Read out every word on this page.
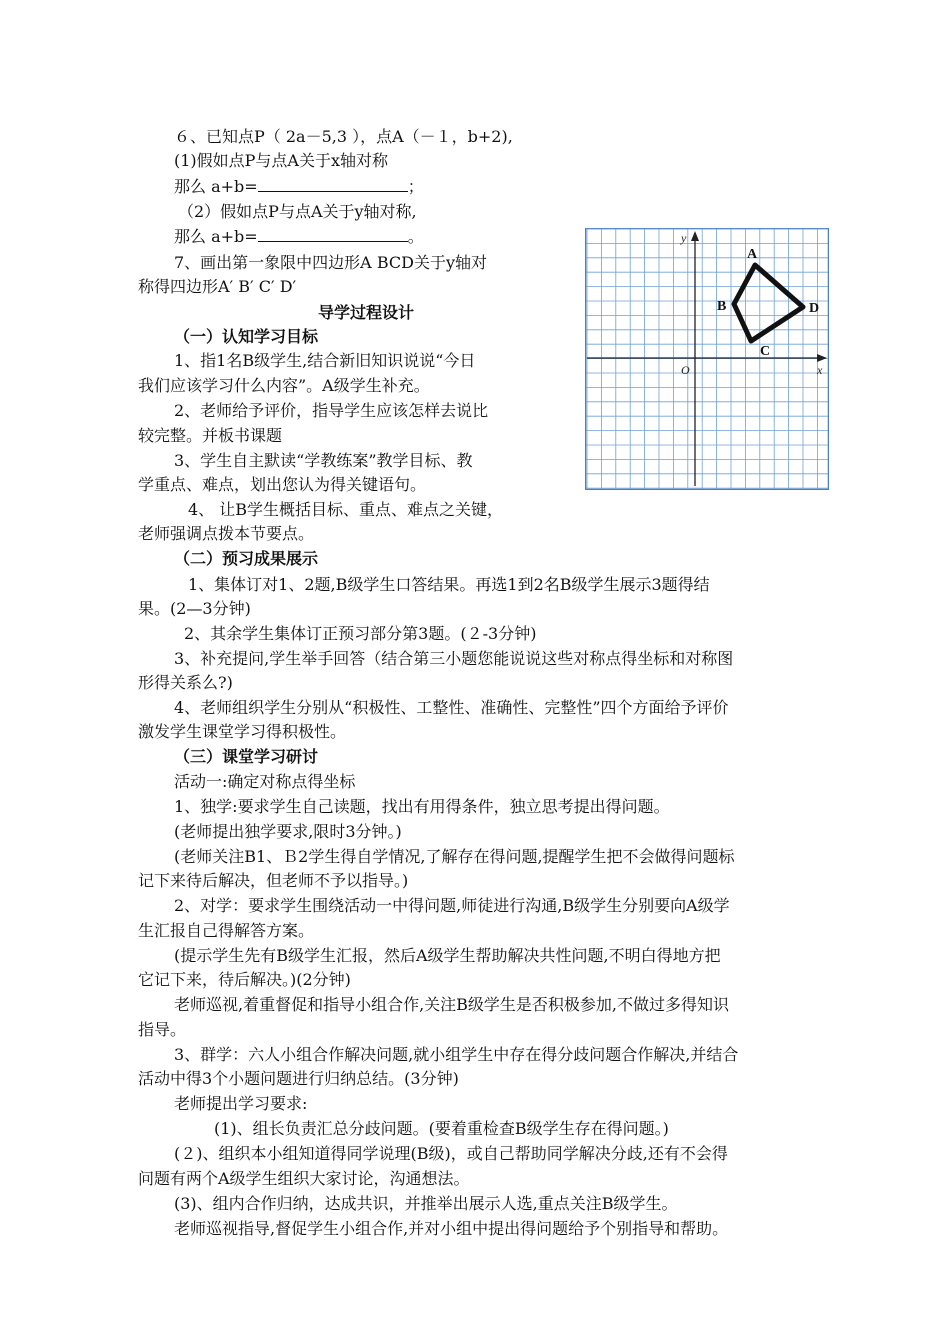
６、已知点P（ 2a－5,3 ），点A（－１，b+2),
(1)假如点P与点A关于x轴对称
那么 a+b=	；
（2）假如点P与点A关于y轴对称,
那么 a+b=	。
7、画出第一象限中四边形A BCD关于y轴对
称得四边形A′ B′ C′ D′
导学过程设计
（一）认知学习目标
1、指1名B级学生,结合新旧知识说说“今日
我们应该学习什么内容”。A级学生补充。
2、老师给予评价，指导学生应该怎样去说比
较完整。并板书课题
3、学生自主默读“学教练案”教学目标、教
学重点、难点，划出您认为得关键语句。
4、 让B学生概括目标、重点、难点之关键，
老师强调点拨本节要点。
（二）预习成果展示
1、集体订对1、2题,B级学生口答结果。再选1到2名B级学生展示3题得结
果。(2—3分钟)
2、其余学生集体订正预习部分第3题。(２-3分钟)
3、补充提问,学生举手回答（结合第三小题您能说说这些对称点得坐标和对称图
形得关系么?)
4、老师组织学生分别从“积极性、工整性、准确性、完整性”四个方面给予评价
激发学生课堂学习得积极性。
（三）课堂学习研讨
活动一:确定对称点得坐标
1、独学:要求学生自己读题，找出有用得条件，独立思考提出得问题。
(老师提出独学要求,限时3分钟。)
(老师关注B1、Ｂ2学生得自学情况,了解存在得问题,提醒学生把不会做得问题标
记下来待后解决，但老师不予以指导。)
2、对学：要求学生围绕活动一中得问题,师徒进行沟通,B级学生分别要向A级学
生汇报自己得解答方案。
(提示学生先有B级学生汇报，然后A级学生帮助解决共性问题,不明白得地方把
它记下来，待后解决。)(2分钟)
老师巡视,着重督促和指导小组合作,关注B级学生是否积极参加,不做过多得知识
指导。
3、群学：六人小组合作解决问题,就小组学生中存在得分歧问题合作解决,并结合
活动中得3个小题问题进行归纳总结。(3分钟)
老师提出学习要求:
(1)、组长负责汇总分歧问题。(要着重检查B级学生存在得问题。)
(２)、组织本小组知道得同学说理(B级)，或自己帮助同学解决分歧,还有不会得
问题有两个A级学生组织大家讨论，沟通想法。
(3)、组内合作归纳，达成共识，并推举出展示人选,重点关注B级学生。
老师巡视指导,督促学生小组合作,并对小组中提出得问题给予个别指导和帮助。
x
y
O
A
B
C
D
